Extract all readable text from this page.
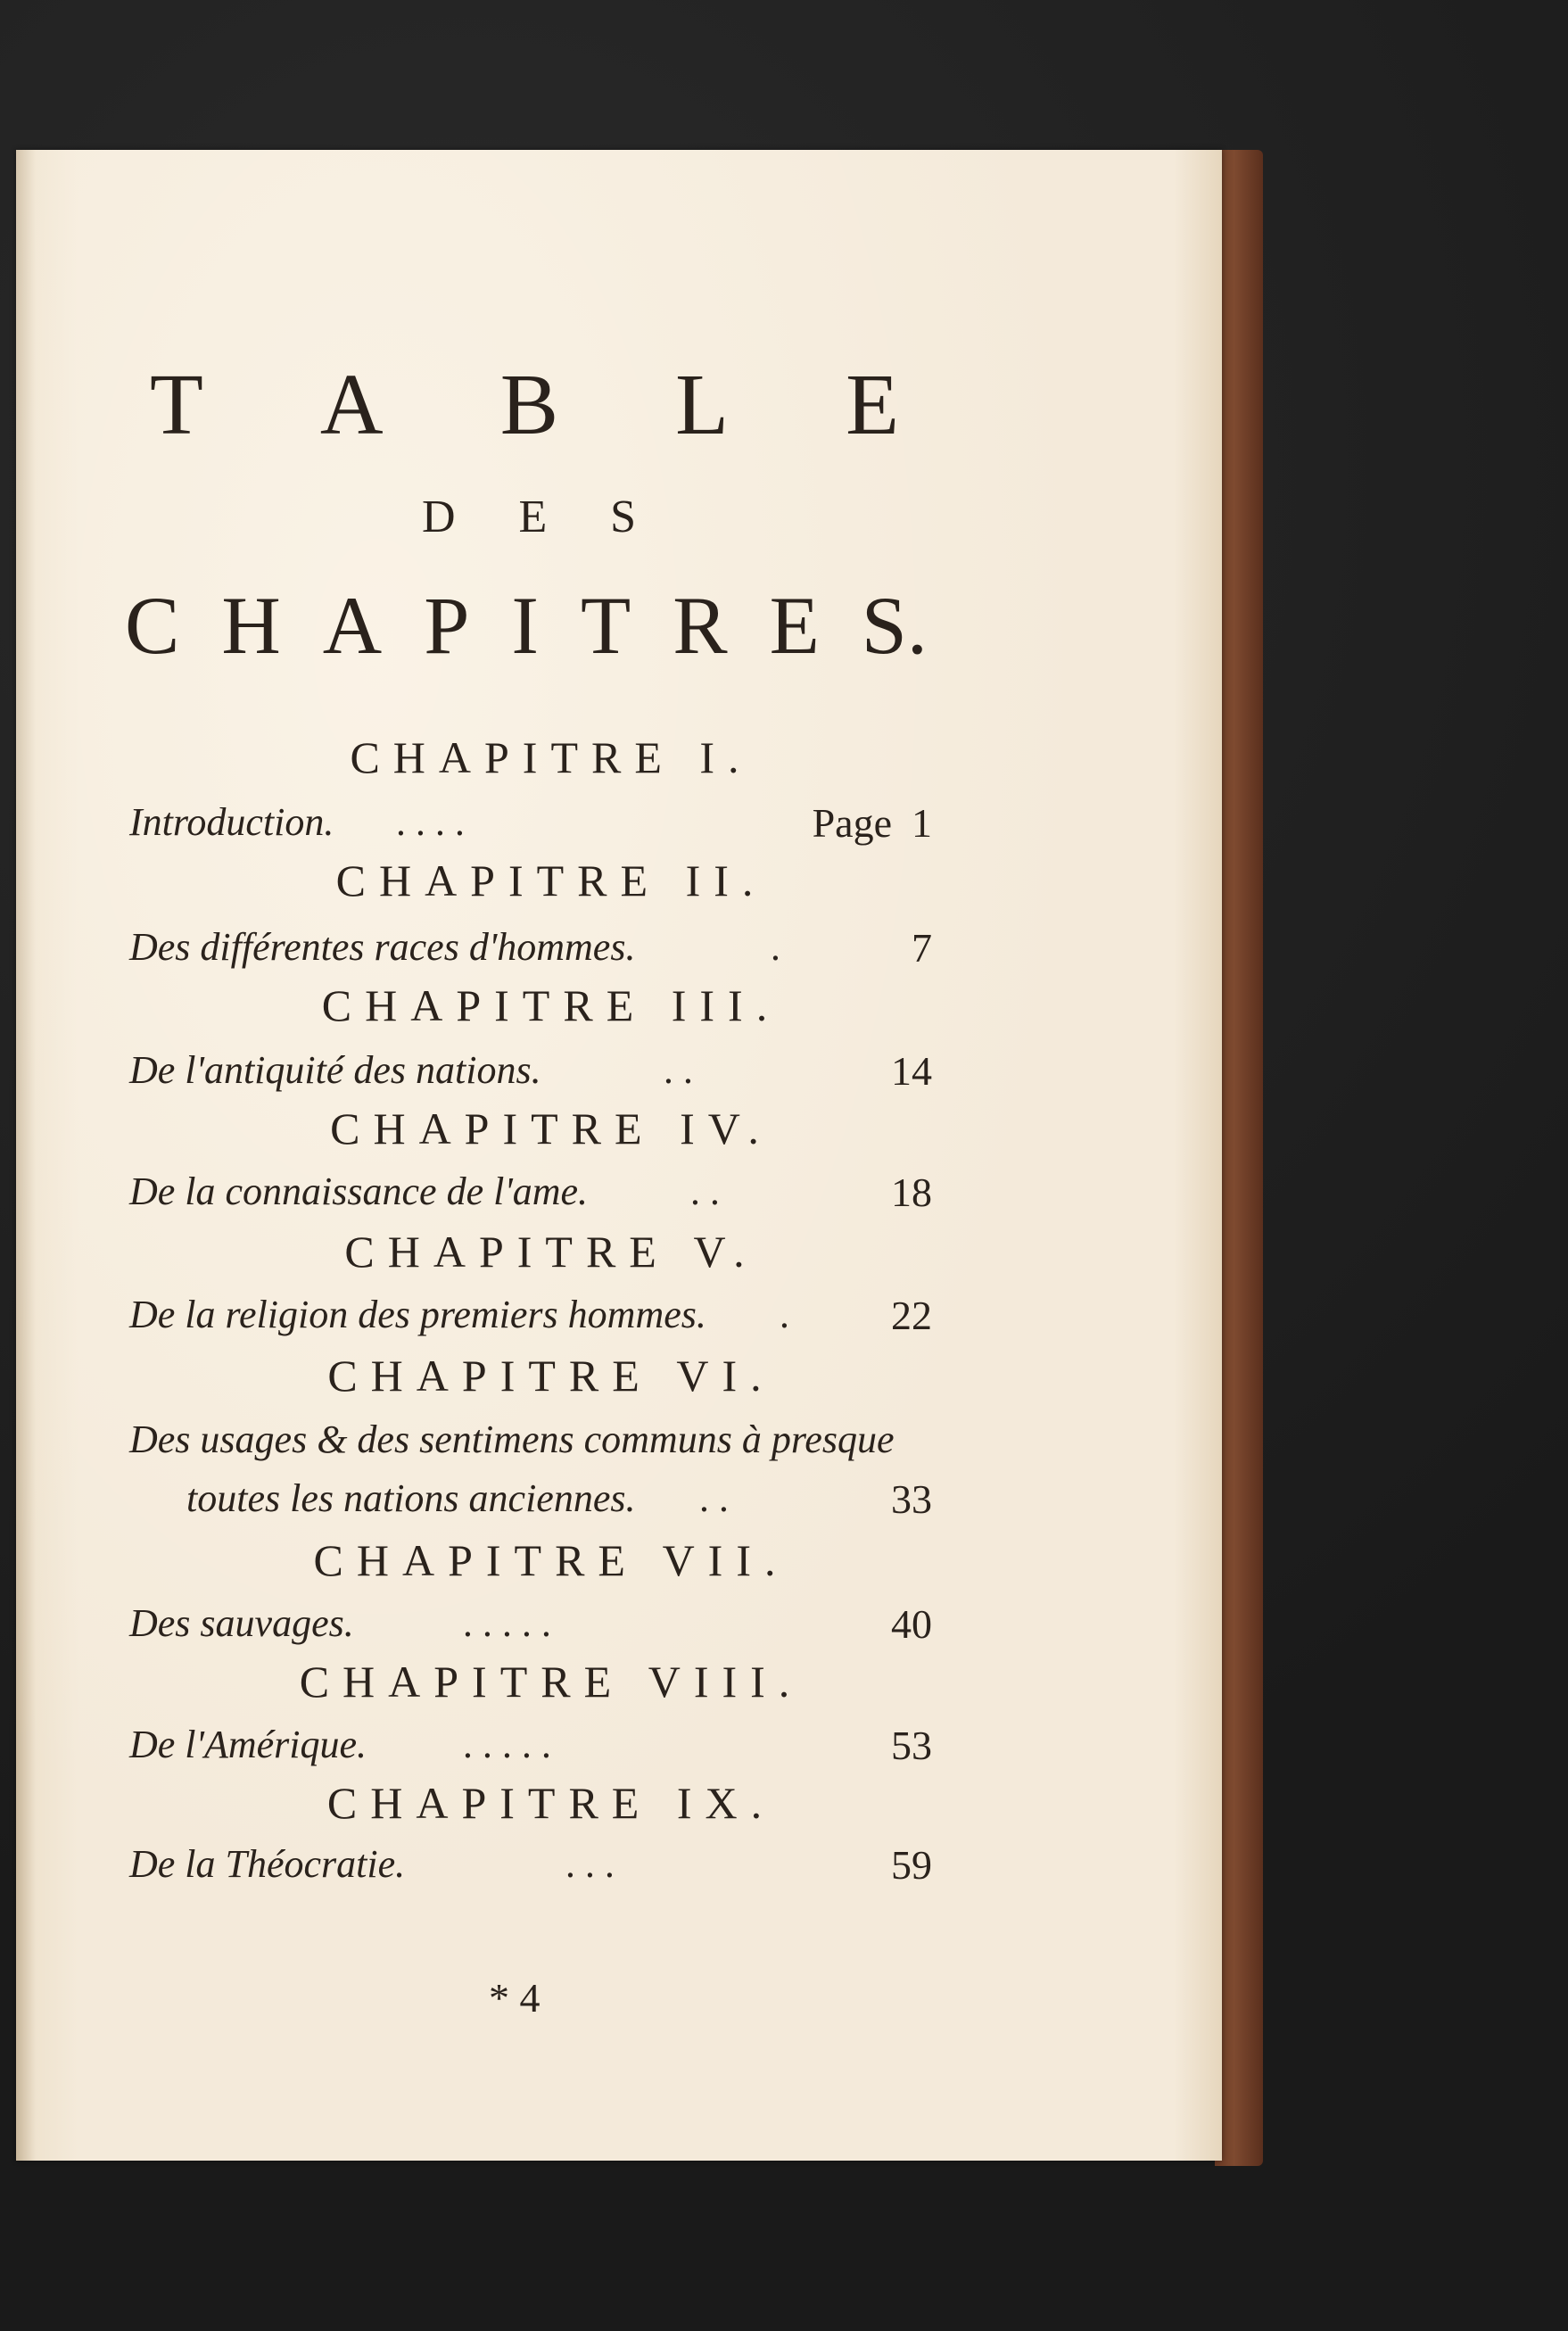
T A B L E
D E S
C H A P I T R E S.
CHAPITRE I.
Introduction. . . . .	Page 1
CHAPITRE II.
Des différentes races d'hommes.	.	7
CHAPITRE III.
De l'antiquité des nations.	. .	14
CHAPITRE IV.
De la connaissance de l'ame.	. .	18
CHAPITRE V.
De la religion des premiers hommes. . 22
CHAPITRE VI.
Des usages & des sentimens communs à presque
toutes les nations anciennes. . .	33
CHAPITRE VII.
Des sauvages.	. . . . .	40
CHAPITRE VIII.
De l'Amérique. . . . . .	53
CHAPITRE IX.
De la Théocratie.	. . .	59
* 4
